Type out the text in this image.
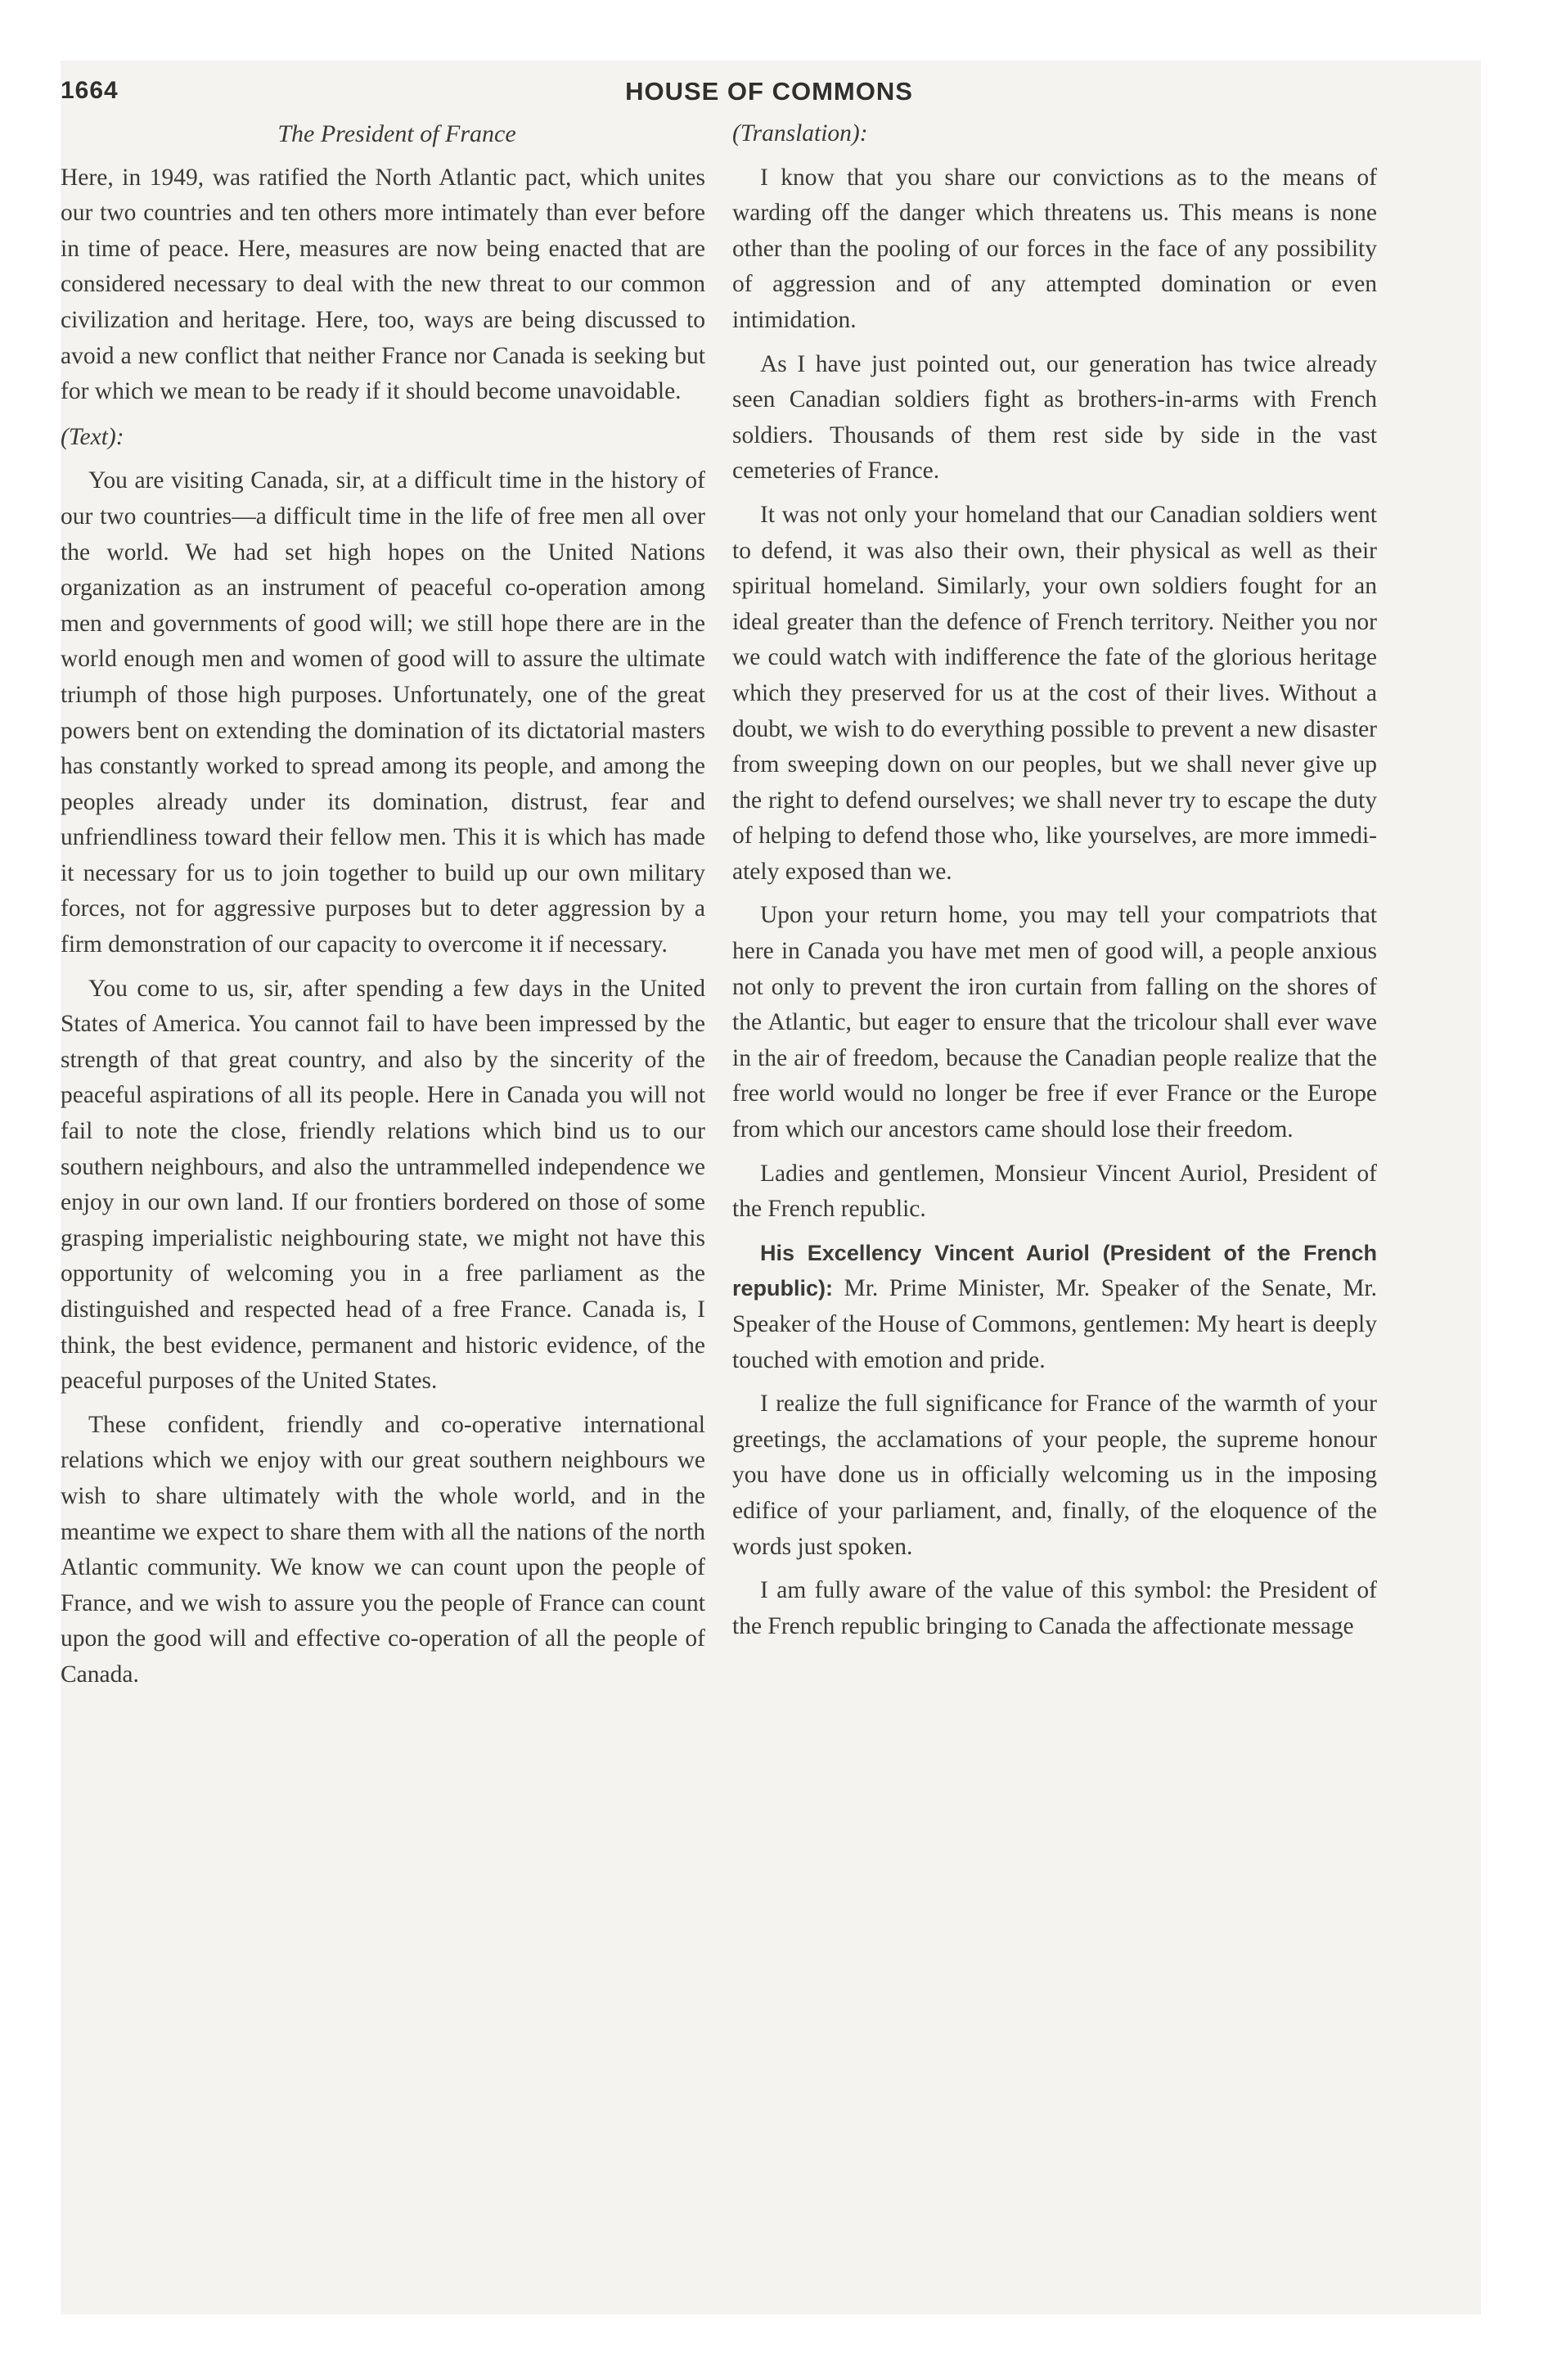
1664	HOUSE OF COMMONS

The President of France

Here, in 1949, was ratified the North Atlantic pact, which unites our two countries and ten others more intimately than ever before in time of peace. Here, measures are now being enacted that are considered necessary to deal with the new threat to our common civilization and heritage. Here, too, ways are being discussed to avoid a new conflict that neither France nor Canada is seeking but for which we mean to be ready if it should become unavoidable.

(Text):

You are visiting Canada, sir, at a difficult time in the history of our two countries—a difficult time in the life of free men all over the world. We had set high hopes on the United Nations organization as an instrument of peaceful co-operation among men and governments of good will; we still hope there are in the world enough men and women of good will to assure the ultimate triumph of those high purposes. Unfortunately, one of the great powers bent on extending the domination of its dictatorial masters has constantly worked to spread among its people, and among the peoples already under its domination, distrust, fear and unfriendliness toward their fellow men. This it is which has made it necessary for us to join together to build up our own military forces, not for aggressive purposes but to deter aggression by a firm demonstration of our capacity to overcome it if necessary.

You come to us, sir, after spending a few days in the United States of America. You cannot fail to have been impressed by the strength of that great country, and also by the sincerity of the peaceful aspirations of all its people. Here in Canada you will not fail to note the close, friendly relations which bind us to our southern neighbours, and also the untrammelled independence we enjoy in our own land. If our frontiers bordered on those of some grasping imperialistic neighbouring state, we might not have this opportunity of welcoming you in a free parliament as the distinguished and respected head of a free France. Canada is, I think, the best evidence, permanent and historic evidence, of the peaceful purposes of the United States.

These confident, friendly and co-operative international relations which we enjoy with our great southern neighbours we wish to share ultimately with the whole world, and in the meantime we expect to share them with all the nations of the north Atlantic community. We know we can count upon the people of France, and we wish to assure you the people of France can count upon the good will and effective co-operation of all the people of Canada.

(Translation):

I know that you share our convictions as to the means of warding off the danger which threatens us. This means is none other than the pooling of our forces in the face of any possibility of aggression and of any attempted domination or even intimidation.

As I have just pointed out, our generation has twice already seen Canadian soldiers fight as brothers-in-arms with French soldiers. Thousands of them rest side by side in the vast cemeteries of France.

It was not only your homeland that our Canadian soldiers went to defend, it was also their own, their physical as well as their spiritual homeland. Similarly, your own soldiers fought for an ideal greater than the defence of French territory. Neither you nor we could watch with indifference the fate of the glorious heritage which they preserved for us at the cost of their lives. Without a doubt, we wish to do everything possible to prevent a new disaster from sweeping down on our peoples, but we shall never give up the right to defend ourselves; we shall never try to escape the duty of helping to defend those who, like yourselves, are more immediately exposed than we.

Upon your return home, you may tell your compatriots that here in Canada you have met men of good will, a people anxious not only to prevent the iron curtain from falling on the shores of the Atlantic, but eager to ensure that the tricolour shall ever wave in the air of freedom, because the Canadian people realize that the free world would no longer be free if ever France or the Europe from which our ancestors came should lose their freedom.

Ladies and gentlemen, Monsieur Vincent Auriol, President of the French republic.

His Excellency Vincent Auriol (President of the French republic): Mr. Prime Minister, Mr. Speaker of the Senate, Mr. Speaker of the House of Commons, gentlemen: My heart is deeply touched with emotion and pride.

I realize the full significance for France of the warmth of your greetings, the acclamations of your people, the supreme honour you have done us in officially welcoming us in the imposing edifice of your parliament, and, finally, of the eloquence of the words just spoken.

I am fully aware of the value of this symbol: the President of the French republic bringing to Canada the affectionate message
